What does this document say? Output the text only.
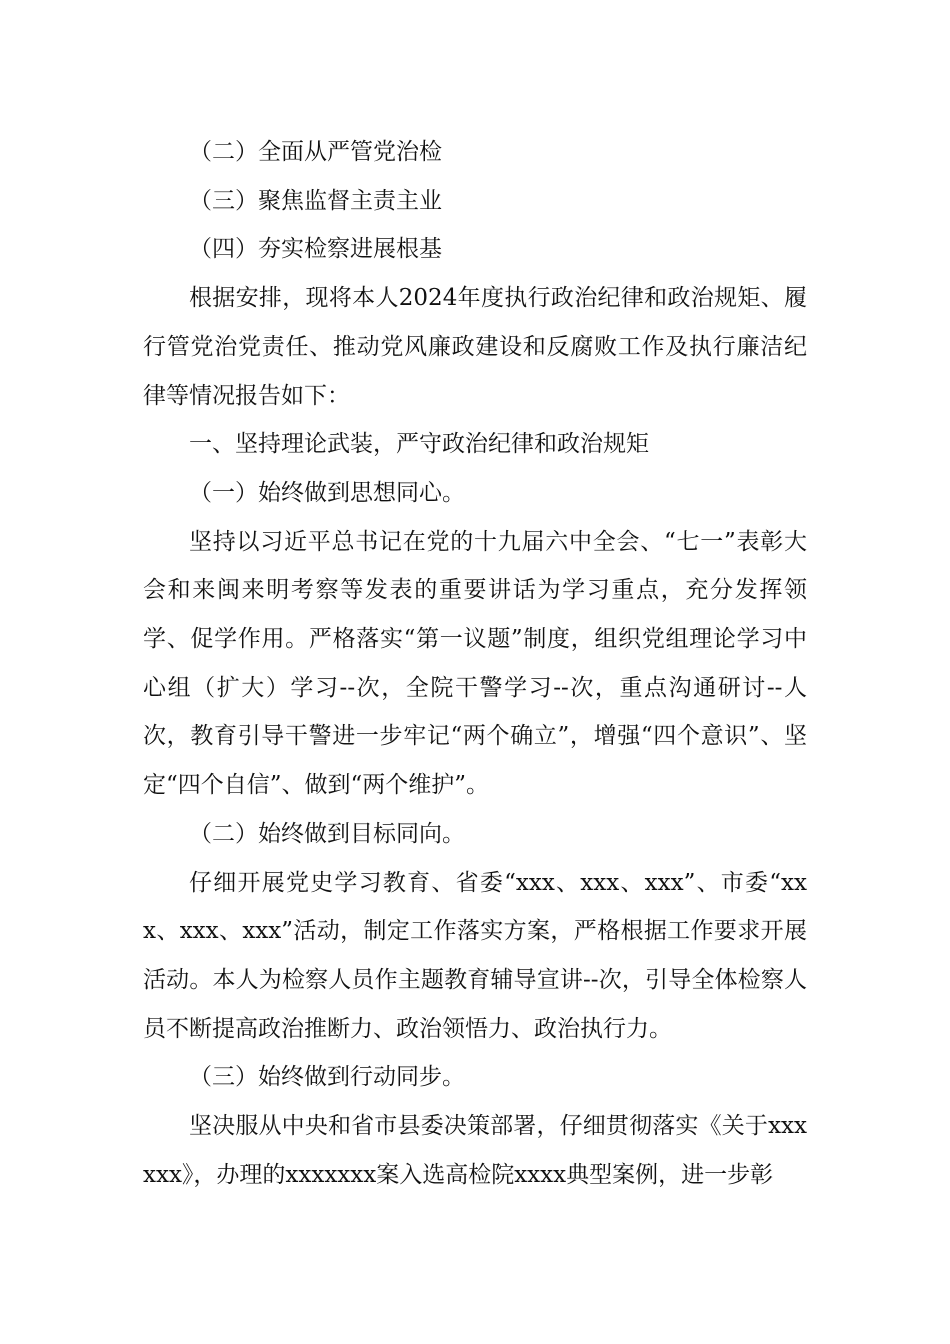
（二）全面从严管党治检

（三）聚焦监督主责主业

（四）夯实检察进展根基

根据安排，现将本人2024年度执行政治纪律和政治规矩、履行管党治党责任、推动党风廉政建设和反腐败工作及执行廉洁纪律等情况报告如下：

一、坚持理论武装，严守政治纪律和政治规矩

（一）始终做到思想同心。

坚持以习近平总书记在党的十九届六中全会、“七一”表彰大会和来闽来明考察等发表的重要讲话为学习重点，充分发挥领学、促学作用。严格落实“第一议题”制度，组织党组理论学习中心组（扩大）学习--次，全院干警学习--次，重点沟通研讨--人次，教育引导干警进一步牢记“两个确立”，增强“四个意识”、坚定“四个自信”、做到“两个维护”。

（二）始终做到目标同向。

仔细开展党史学习教育、省委“xxx、xxx、xxx”、市委“xxx、xxx、xxx”活动，制定工作落实方案，严格根据工作要求开展活动。本人为检察人员作主题教育辅导宣讲--次，引导全体检察人员不断提高政治推断力、政治领悟力、政治执行力。

（三）始终做到行动同步。

坚决服从中央和省市县委决策部署，仔细贯彻落实《关于xxxxxx》，办理的xxxxxxx案入选高检院xxxx典型案例，进一步彰
